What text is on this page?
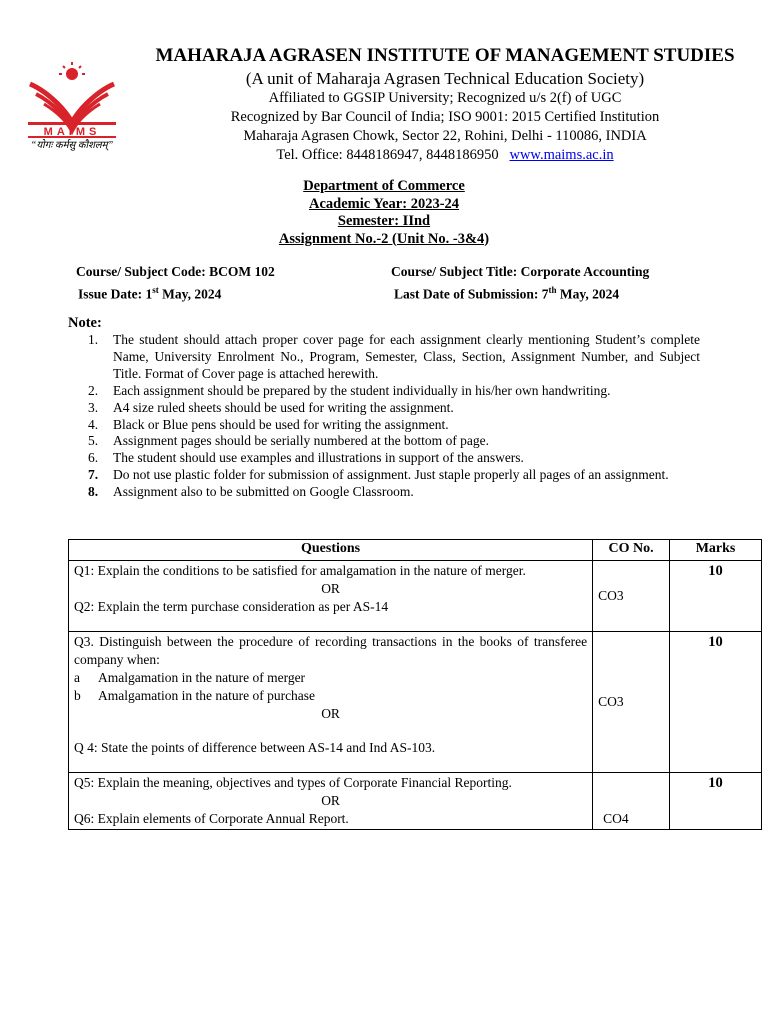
MAIMS
“योगः कर्मसु कौशलम्”

MAHARAJA AGRASEN INSTITUTE OF MANAGEMENT STUDIES

(A unit of Maharaja Agrasen Technical Education Society)

Affiliated to GGSIP University; Recognized u/s 2(f) of UGC

Recognized by Bar Council of India; ISO 9001: 2015 Certified Institution

Maharaja Agrasen Chowk, Sector 22, Rohini, Delhi - 110086, INDIA

Tel. Office: 8448186947, 8448186950 www.maims.ac.in

Department of Commerce
Academic Year: 2023-24
Semester: IInd
Assignment No.-2 (Unit No. -3&4)
Course/ Subject Code: BCOM 102	Course/ Subject Title: Corporate Accounting
Issue Date: 1st May, 2024	Last Date of Submission: 7th May, 2024
Note:
1. The student should attach proper cover page for each assignment clearly mentioning Student’s complete Name, University Enrolment No., Program, Semester, Class, Section, Assignment Number, and Subject Title. Format of Cover page is attached herewith.
2. Each assignment should be prepared by the student individually in his/her own handwriting.
3. A4 size ruled sheets should be used for writing the assignment.
4. Black or Blue pens should be used for writing the assignment.
5. Assignment pages should be serially numbered at the bottom of page.
6. The student should use examples and illustrations in support of the answers.
7. Do not use plastic folder for submission of assignment. Just staple properly all pages of an assignment.
8. Assignment also to be submitted on Google Classroom.
Questions	CO No.	Marks

Q1: Explain the conditions to be satisfied for amalgamation in the nature of merger.
OR
Q2: Explain the term purchase consideration as per AS-14	CO3	10

Q3. Distinguish between the procedure of recording transactions in the books of transferee company when:
a Amalgamation in the nature of merger
b Amalgamation in the nature of purchase
OR
Q 4: State the points of difference between AS-14 and Ind AS-103.	CO3	10

Q5: Explain the meaning, objectives and types of Corporate Financial Reporting.
OR
Q6: Explain elements of Corporate Annual Report.	CO4	10
